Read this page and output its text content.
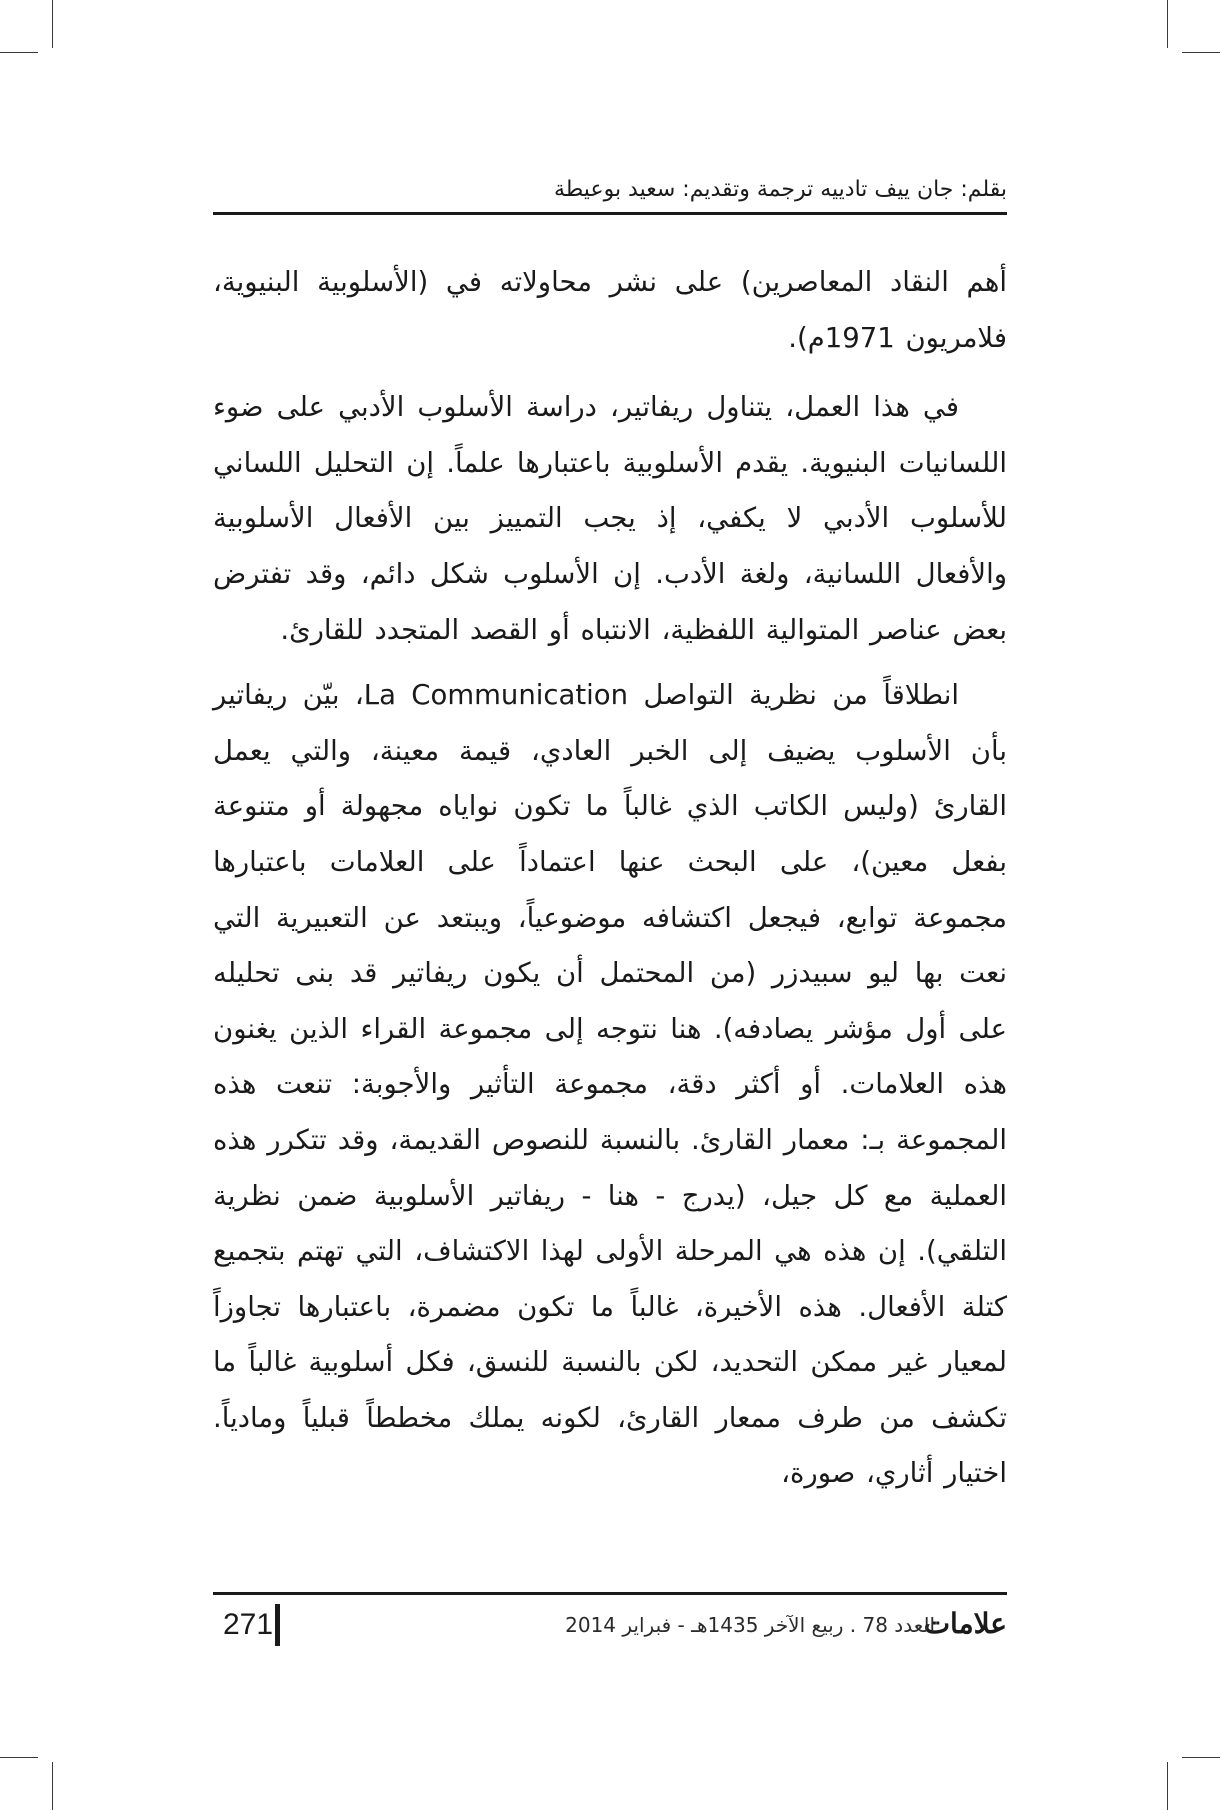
بقلم: جان ييف تادييه ترجمة وتقديم: سعيد بوعيطة

أهم النقاد المعاصرين) على نشر محاولاته في (الأسلوبية البنيوية، فلامريون 1971م).

في هذا العمل، يتناول ريفاتير، دراسة الأسلوب الأدبي على ضوء اللسانيات البنيوية. يقدم الأسلوبية باعتبارها علماً. إن التحليل اللساني للأسلوب الأدبي لا يكفي، إذ يجب التمييز بين الأفعال الأسلوبية والأفعال اللسانية، ولغة الأدب. إن الأسلوب شكل دائم، وقد تفترض بعض عناصر المتوالية اللفظية، الانتباه أو القصد المتجدد للقارئ.

انطلاقاً من نظرية التواصل La Communication، بيّن ريفاتير بأن الأسلوب يضيف إلى الخبر العادي، قيمة معينة، والتي يعمل القارئ (وليس الكاتب الذي غالباً ما تكون نواياه مجهولة أو متنوعة بفعل معين)، على البحث عنها اعتماداً على العلامات باعتبارها مجموعة توابع، فيجعل اكتشافه موضوعياً، ويبتعد عن التعبيرية التي نعت بها ليو سبيدزر (من المحتمل أن يكون ريفاتير قد بنى تحليله على أول مؤشر يصادفه). هنا نتوجه إلى مجموعة القراء الذين يغنون هذه العلامات. أو أكثر دقة، مجموعة التأثير والأجوبة: تنعت هذه المجموعة بـ: معمار القارئ. بالنسبة للنصوص القديمة، وقد تتكرر هذه العملية مع كل جيل، (يدرج - هنا - ريفاتير الأسلوبية ضمن نظرية التلقي). إن هذه هي المرحلة الأولى لهذا الاكتشاف، التي تهتم بتجميع كتلة الأفعال. هذه الأخيرة، غالباً ما تكون مضمرة، باعتبارها تجاوزاً لمعيار غير ممكن التحديد، لكن بالنسبة للنسق، فكل أسلوبية غالباً ما تكشف من طرف ممعار القارئ، لكونه يملك مخططاً قبلياً ومادياً. اختيار أثاري، صورة،

علامات
العدد 78 . ربيع الآخر 1435هـ - فبراير 2014
271
